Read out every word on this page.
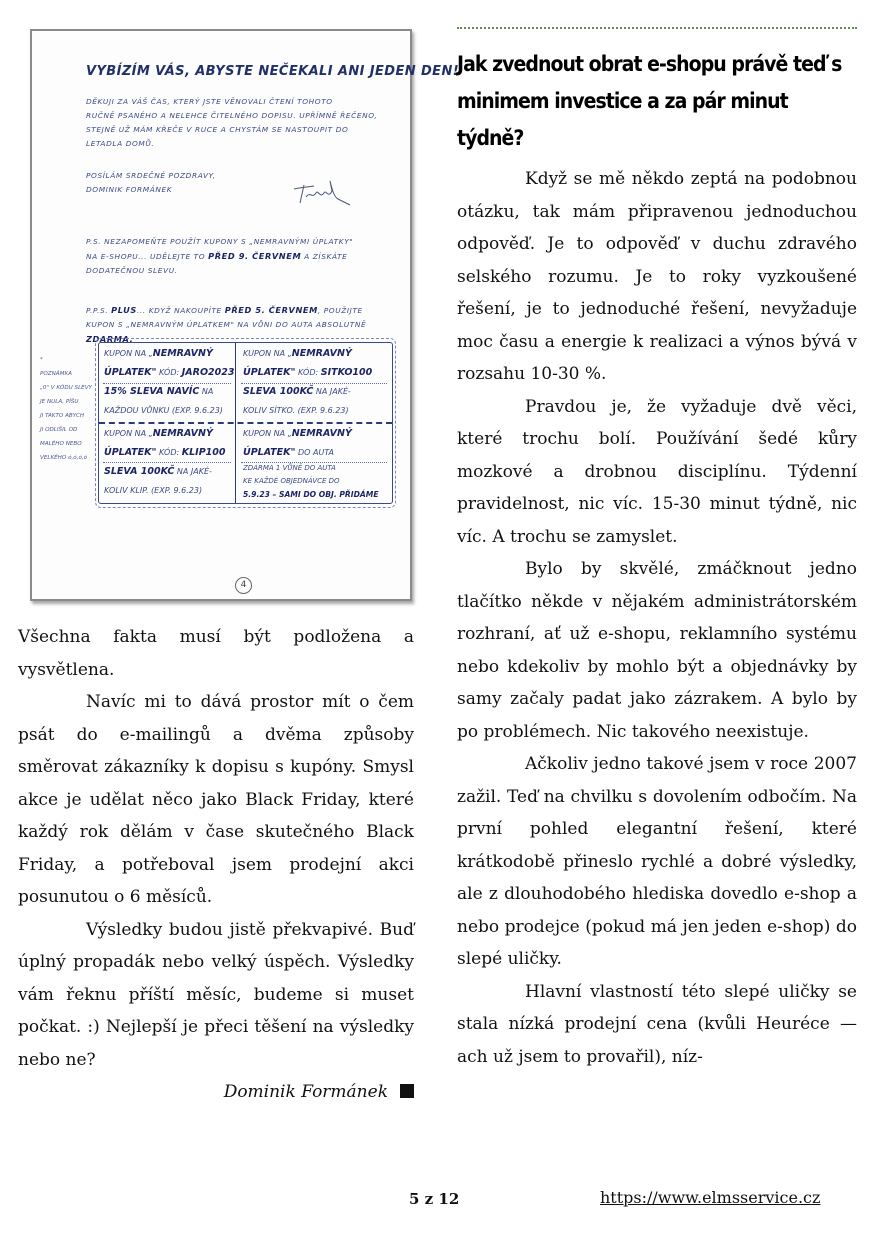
VYBÍZÍM VÁS, ABYSTE NEČEKALI ANI JEDEN DEN!
DĚKUJI ZA VÁŠ ČAS, KTERÝ JSTE VĚNOVALI ČTENÍ TOHOTO
RUČNĚ PSANÉHO A NELEHCE ČITELNÉHO DOPISU. UPŘÍMNĚ ŘEČENO,
STEJNĚ UŽ MÁM KŘEČE V RUCE A CHYSTÁM SE NASTOUPIT DO
LETADLA DOMŮ.
POSÍLÁM SRDEČNÉ POZDRAVY,
DOMINIK FORMÁNEK
P.S. NEZAPOMEŇTE POUŽÍT KUPONY S „NEMRAVNÝMI ÚPLATKY"
NA E-SHOPU... UDĚLEJTE TO PŘED 9. ČERVNEM A ZÍSKÁTE
DODATEČNOU SLEVU.
P.P.S. PLUS... KDYŽ NAKOUPÍTE PŘED 5. ČERVNEM, POUŽIJTE
KUPON S „NEMRAVNÝM ÚPLATKEM" NA VŮNI DO AUTA ABSOLUTNĚ
ZDARMA.
*
POZNÁMKA
„0" V KÓDU SLEVY
JE NULA, PÍŠU
JI TAKTO ABYCH
JI ODLIŠIL OD
MALÉHO NEBO
VELKÉHO ó,ó,ó,ó
KUPON NA „NEMRAVNÝ
ÚPLATEK" KÓD: JARO2023
15% SLEVA NAVÍC NA
KAŽDOU VŮNKU (EXP. 9.6.23)
KUPON NA „NEMRAVNÝ
ÚPLATEK" KÓD: SITKO100
SLEVA 100KČ NA JAKÉ-
KOLIV SÍTKO. (EXP. 9.6.23)
KUPON NA „NEMRAVNÝ
ÚPLATEK" KÓD: KLIP100
SLEVA 100KČ NA JAKÉ-
KOLIV KLIP. (EXP. 9.6.23)
KUPON NA „NEMRAVNÝ
ÚPLATEK" DO AUTA
ZDARMA 1 VŮNĚ DO AUTA
KE KAŽDÉ OBJEDNÁVCE DO
5.9.23 – SAMI DO OBJ. PŘIDÁME
4

Všechna fakta musí být podložena a vysvětlena.

Navíc mi to dává prostor mít o čem psát do e-mailingů a dvěma způsoby směrovat zákazníky k dopisu s kupóny. Smysl akce je udělat něco jako Black Friday, které každý rok dělám v čase skutečného Black Friday, a potřeboval jsem prodejní akci posunutou o 6 měsíců.

Výsledky budou jistě překvapivé. Buď úplný propadák nebo velký úspěch. Výsledky vám řeknu příští měsíc, budeme si muset počkat. :) Nejlepší je přeci těšení na výsledky nebo ne?

Dominik Formánek

Jak zvednout obrat e-shopu právě teď s minimem investice a za pár minut týdně?

Když se mě někdo zeptá na podobnou otázku, tak mám připravenou jednoduchou odpověď. Je to odpověď v duchu zdravého selského rozumu. Je to roky vyzkoušené řešení, je to jednoduché řešení, nevyžaduje moc času a energie k realizaci a výnos bývá v rozsahu 10-30 %.

Pravdou je, že vyžaduje dvě věci, které trochu bolí. Používání šedé kůry mozkové a drobnou disciplínu. Týdenní pravidelnost, nic víc. 15-30 minut týdně, nic víc. A trochu se zamyslet.

Bylo by skvělé, zmáčknout jedno tlačítko někde v nějakém administrátorském rozhraní, ať už e-shopu, reklamního systému nebo kdekoliv by mohlo být a objednávky by samy začaly padat jako zázrakem. A bylo by po problémech. Nic takového neexistuje.

Ačkoliv jedno takové jsem v roce 2007 zažil. Teď na chvilku s dovolením odbočím. Na první pohled elegantní řešení, které krátkodobě přineslo rychlé a dobré výsledky, ale z dlouhodobého hlediska dovedlo e-shop a nebo prodejce (pokud má jen jeden e-shop) do slepé uličky.

Hlavní vlastností této slepé uličky se stala nízká prodejní cena (kvůli Heuréce — ach už jsem to provařil), níz-

5 z 12	https://www.elmsservice.cz
